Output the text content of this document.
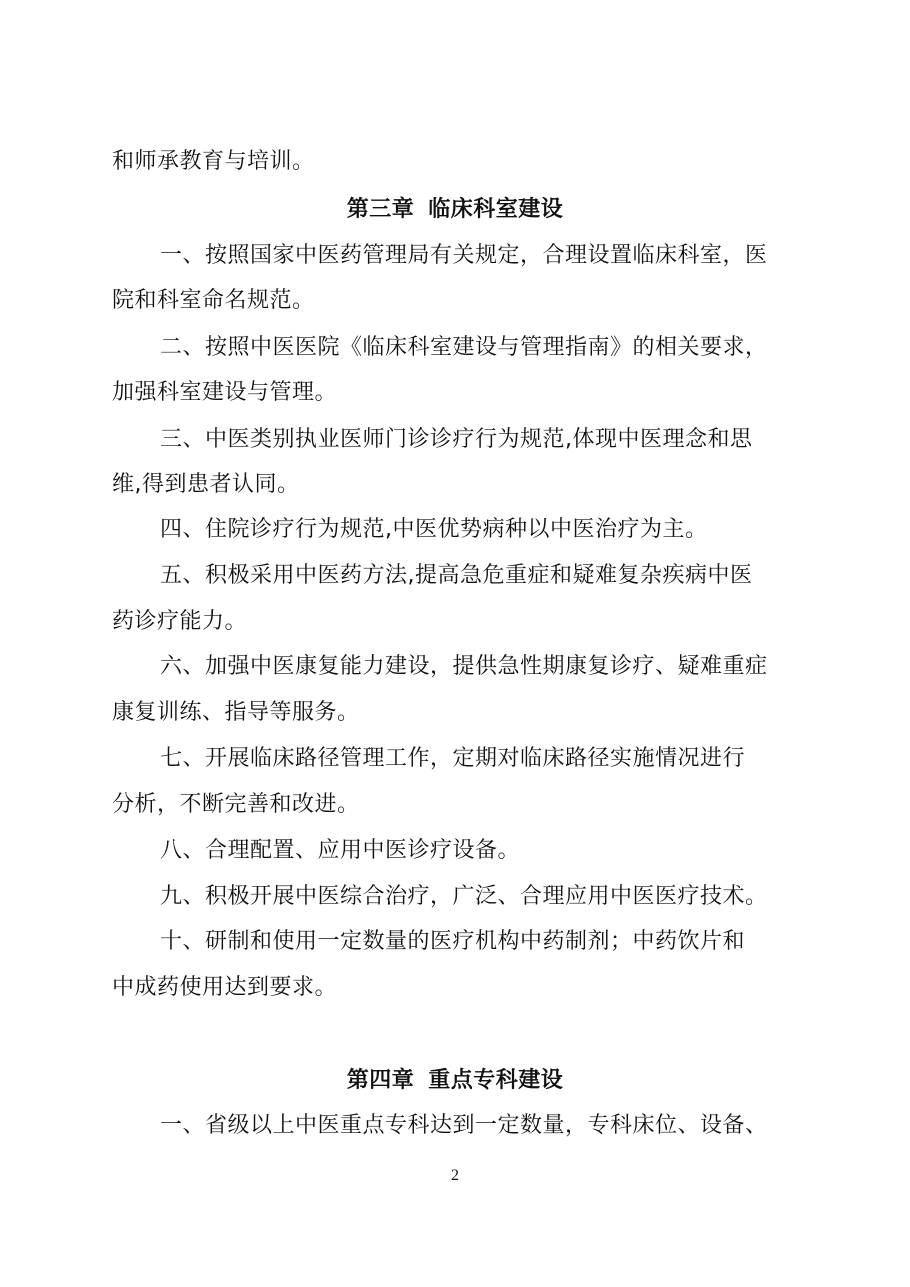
和师承教育与培训。
第三章 临床科室建设
一、按照国家中医药管理局有关规定，合理设置临床科室，医
院和科室命名规范。
二、按照中医医院《临床科室建设与管理指南》的相关要求，
加强科室建设与管理。
三、中医类别执业医师门诊诊疗行为规范,体现中医理念和思
维,得到患者认同。
四、住院诊疗行为规范,中医优势病种以中医治疗为主。
五、积极采用中医药方法,提高急危重症和疑难复杂疾病中医
药诊疗能力。
六、加强中医康复能力建设，提供急性期康复诊疗、疑难重症
康复训练、指导等服务。
七、开展临床路径管理工作，定期对临床路径实施情况进行
分析，不断完善和改进。
八、合理配置、应用中医诊疗设备。
九、积极开展中医综合治疗，广泛、合理应用中医医疗技术。
十、研制和使用一定数量的医疗机构中药制剂；中药饮片和
中成药使用达到要求。
第四章 重点专科建设
一、省级以上中医重点专科达到一定数量，专科床位、设备、
2
